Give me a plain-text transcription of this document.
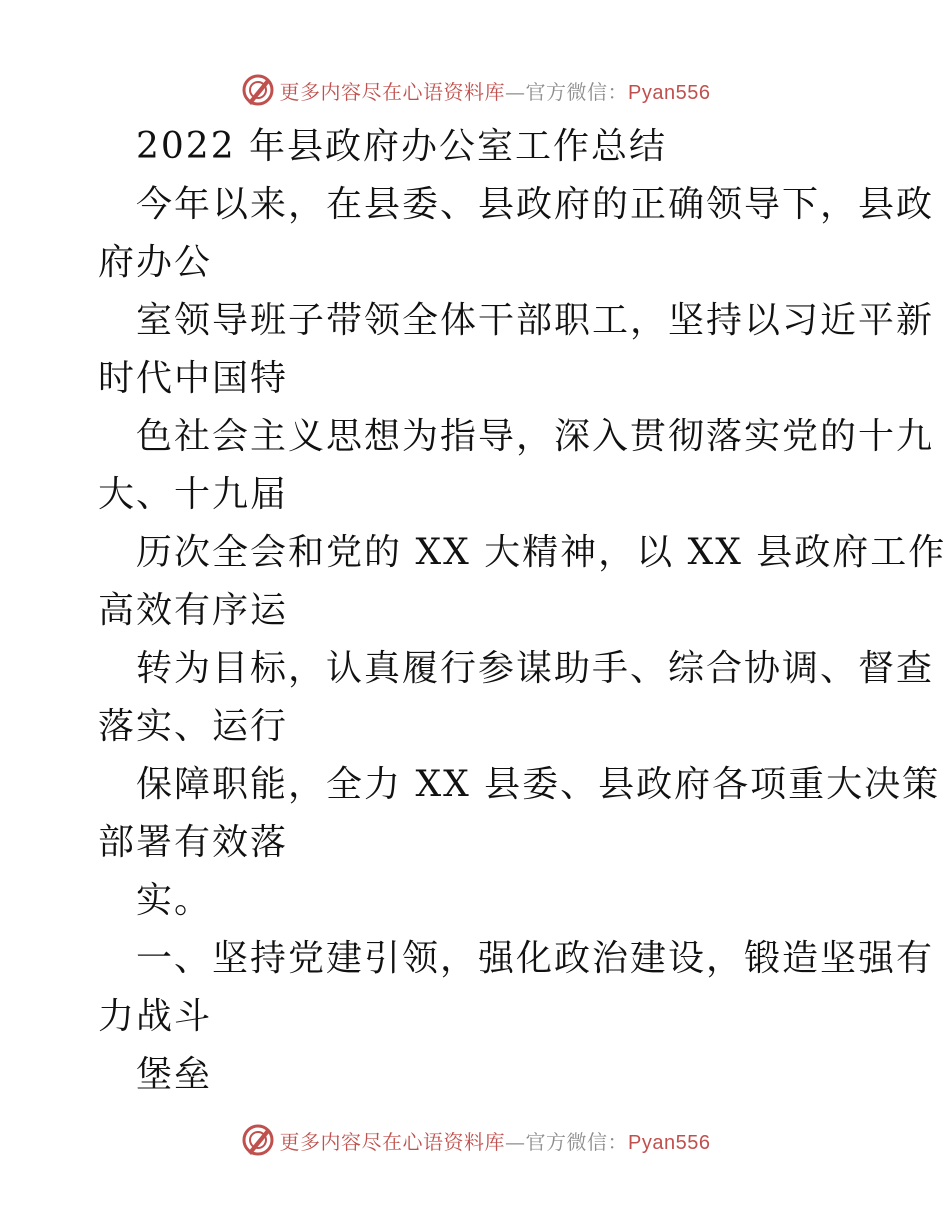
更多内容尽在心语资料库—官方微信：Pyan556
2022 年县政府办公室工作总结
今年以来，在县委、县政府的正确领导下，县政
府办公
室领导班子带领全体干部职工，坚持以习近平新
时代中国特
色社会主义思想为指导，深入贯彻落实党的十九
大、十九届
历次全会和党的 XX 大精神，以 XX 县政府工作
高效有序运
转为目标，认真履行参谋助手、综合协调、督查
落实、运行
保障职能，全力 XX 县委、县政府各项重大决策
部署有效落
实。
一、坚持党建引领，强化政治建设，锻造坚强有
力战斗
堡垒
更多内容尽在心语资料库—官方微信：Pyan556
